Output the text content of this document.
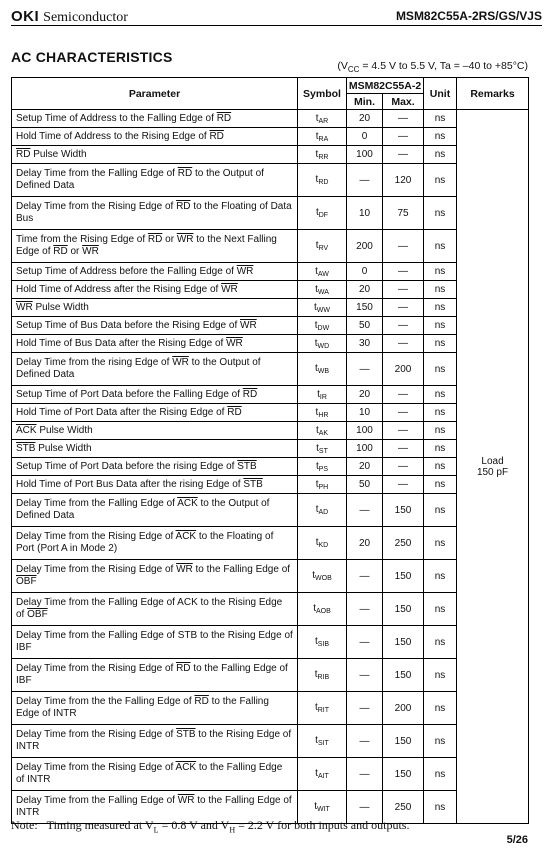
OKI Semiconductor	MSM82C55A-2RS/GS/VJS
AC CHARACTERISTICS
($V_{CC} = 4.5$ V to 5.5 V, Ta = –40 to +85°C)
Parameter	Symbol	MSM82C55A-2		Unit	Remarks
		Min.	Max.		
Setup Time of Address to the Falling Edge of $\overline{RD}$	$t_{AR}$	20	—	ns	Load
150 pF
Hold Time of Address to the Rising Edge of $\overline{RD}$	$t_{RA}$	0	—	ns	
$\overline{RD}$ Pulse Width	$t_{RR}$	100	—	ns	
Delay Time from the Falling Edge of $\overline{RD}$ to the Output of Defined Data	$t_{RD}$	—	120	ns	
Delay Time from the Rising Edge of $\overline{RD}$ to the Floating of Data Bus	$t_{DF}$	10	75	ns	
Time from the Rising Edge of $\overline{RD}$ or $\overline{WR}$ to the Next Falling Edge of $\overline{RD}$ or $\overline{WR}$	$t_{RV}$	200	—	ns	
Setup Time of Address before the Falling Edge of $\overline{WR}$	$t_{AW}$	0	—	ns	
Hold Time of Address after the Rising Edge of $\overline{WR}$	$t_{WA}$	20	—	ns	
$\overline{WR}$ Pulse Width	$t_{WW}$	150	—	ns	
Setup Time of Bus Data before the Rising Edge of $\overline{WR}$	$t_{DW}$	50	—	ns	
Hold Time of Bus Data after the Rising Edge of $\overline{WR}$	$t_{WD}$	30	—	ns	
Delay Time from the rising Edge of $\overline{WR}$ to the Output of Defined Data	$t_{WB}$	—	200	ns	
Setup Time of Port Data before the Falling Edge of $\overline{RD}$	$t_{IR}$	20	—	ns	
Hold Time of Port Data after the Rising Edge of $\overline{RD}$	$t_{HR}$	10	—	ns	
$\overline{ACK}$ Pulse Width	$t_{AK}$	100	—	ns	
$\overline{STB}$ Pulse Width	$t_{ST}$	100	—	ns	
Setup Time of Port Data before the rising Edge of $\overline{STB}$	$t_{PS}$	20	—	ns	
Hold Time of Port Bus Data after the rising Edge of $\overline{STB}$	$t_{PH}$	50	—	ns	
Delay Time from the Falling Edge of $\overline{ACK}$ to the Output of Defined Data	$t_{AD}$	—	150	ns	
Delay Time from the Rising Edge of $\overline{ACK}$ to the Floating of Port (Port A in Mode 2)	$t_{KD}$	20	250	ns	
Delay Time from the Rising Edge of $\overline{WR}$ to the Falling Edge of $\overline{OBF}$	$t_{WOB}$	—	150	ns	
Delay Time from the Falling Edge of ACK to the Rising Edge of $\overline{OBF}$	$t_{AOB}$	—	150	ns	
Delay Time from the Falling Edge of STB to the Rising Edge of IBF	$t_{SIB}$	—	150	ns	
Delay Time from the Rising Edge of $\overline{RD}$ to the Falling Edge of IBF	$t_{RIB}$	—	150	ns	
Delay Time from the the Falling Edge of $\overline{RD}$ to the Falling Edge of INTR	$t_{RIT}$	—	200	ns	
Delay Time from the Rising Edge of $\overline{STB}$ to the Rising Edge of INTR	$t_{SIT}$	—	150	ns	
Delay Time from the Rising Edge of $\overline{ACK}$ to the Falling Edge of INTR	$t_{AIT}$	—	150	ns	
Delay Time from the Falling Edge of $\overline{WR}$ to the Falling Edge of INTR	$t_{WIT}$	—	250	ns	
Note: Timing measured at $V_L = 0.8$ V and $V_H = 2.2$ V for both inputs and outputs.
5/26
